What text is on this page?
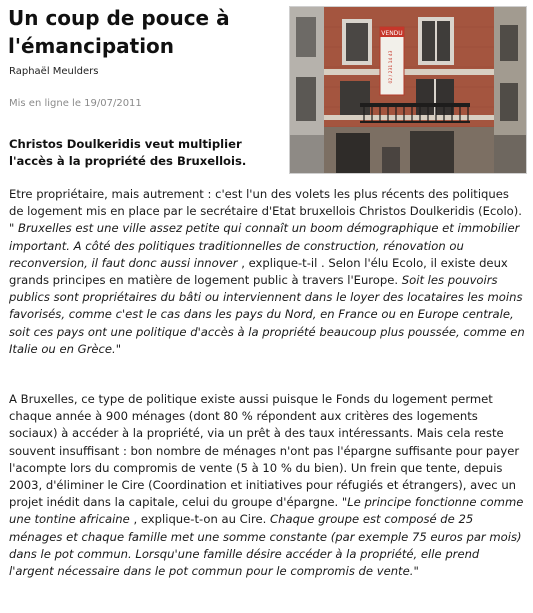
Un coup de pouce à l'émancipation
Raphaël Meulders
Mis en ligne le 19/07/2011
VENDU
02 / 231 14 43
Christos Doulkeridis veut multiplier l'accès à la propriété des Bruxellois.

Etre propriétaire, mais autrement : c'est l'un des volets les plus récents des politiques de logement mis en place par le secrétaire d'Etat bruxellois Christos Doulkeridis (Ecolo). " Bruxelles est une ville assez petite qui connaît un boom démographique et immobilier important. A côté des politiques traditionnelles de construction, rénovation ou reconversion, il faut donc aussi innover , explique-t-il . Selon l'élu Ecolo, il existe deux grands principes en matière de logement public à travers l'Europe. Soit les pouvoirs publics sont propriétaires du bâti ou interviennent dans le loyer des locataires les moins favorisés, comme c'est le cas dans les pays du Nord, en France ou en Europe centrale, soit ces pays ont une politique d'accès à la propriété beaucoup plus poussée, comme en Italie ou en Grèce."

A Bruxelles, ce type de politique existe aussi puisque le Fonds du logement permet chaque année à 900 ménages (dont 80 % répondent aux critères des logements sociaux) à accéder à la propriété, via un prêt à des taux intéressants. Mais cela reste souvent insuffisant : bon nombre de ménages n'ont pas l'épargne suffisante pour payer l'acompte lors du compromis de vente (5 à 10 % du bien). Un frein que tente, depuis 2003, d'éliminer le Cire (Coordination et initiatives pour réfugiés et étrangers), avec un projet inédit dans la capitale, celui du groupe d'épargne. "Le principe fonctionne comme une tontine africaine , explique-t-on au Cire. Chaque groupe est composé de 25 ménages et chaque famille met une somme constante (par exemple 75 euros par mois) dans le pot commun. Lorsqu'une famille désire accéder à la propriété, elle prend l'argent nécessaire dans le pot commun pour le compromis de vente."
